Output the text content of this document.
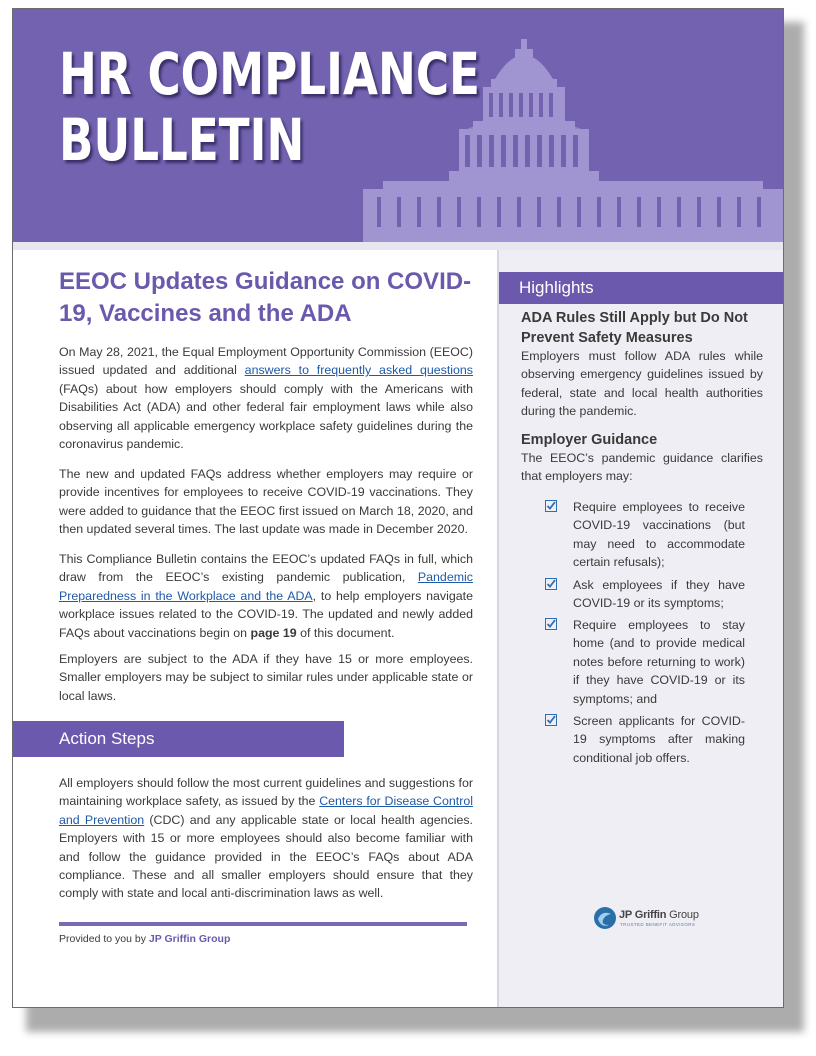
HR COMPLIANCE
BULLETIN
EEOC Updates Guidance on COVID-19, Vaccines and the ADA

On May 28, 2021, the Equal Employment Opportunity Commission (EEOC) issued updated and additional answers to frequently asked questions (FAQs) about how employers should comply with the Americans with Disabilities Act (ADA) and other federal fair employment laws while also observing all applicable emergency workplace safety guidelines during the coronavirus pandemic.

The new and updated FAQs address whether employers may require or provide incentives for employees to receive COVID-19 vaccinations. They were added to guidance that the EEOC first issued on March 18, 2020, and then updated several times. The last update was made in December 2020.

This Compliance Bulletin contains the EEOC’s updated FAQs in full, which draw from the EEOC’s existing pandemic publication, Pandemic Preparedness in the Workplace and the ADA, to help employers navigate workplace issues related to the COVID-19. The updated and newly added FAQs about vaccinations begin on page 19 of this document.

Employers are subject to the ADA if they have 15 or more employees. Smaller employers may be subject to similar rules under applicable state or local laws.

Action Steps

All employers should follow the most current guidelines and suggestions for maintaining workplace safety, as issued by the Centers for Disease Control and Prevention (CDC) and any applicable state or local health agencies. Employers with 15 or more employees should also become familiar with and follow the guidance provided in the EEOC’s FAQs about ADA compliance. These and all smaller employers should ensure that they comply with state and local anti-discrimination laws as well.

Provided to you by JP Griffin Group
Highlights
ADA Rules Still Apply but Do Not Prevent Safety Measures

Employers must follow ADA rules while observing emergency guidelines issued by federal, state and local health authorities during the pandemic.

Employer Guidance

The EEOC’s pandemic guidance clarifies that employers may:

Require employees to receive COVID-19 vaccinations (but may need to accommodate certain refusals);
Ask employees if they have COVID-19 or its symptoms;
Require employees to stay home (and to provide medical notes before returning to work) if they have COVID-19 or its symptoms; and
Screen applicants for COVID-19 symptoms after making conditional job offers.
JP Griffin Group
TRUSTED BENEFIT ADVISORS
